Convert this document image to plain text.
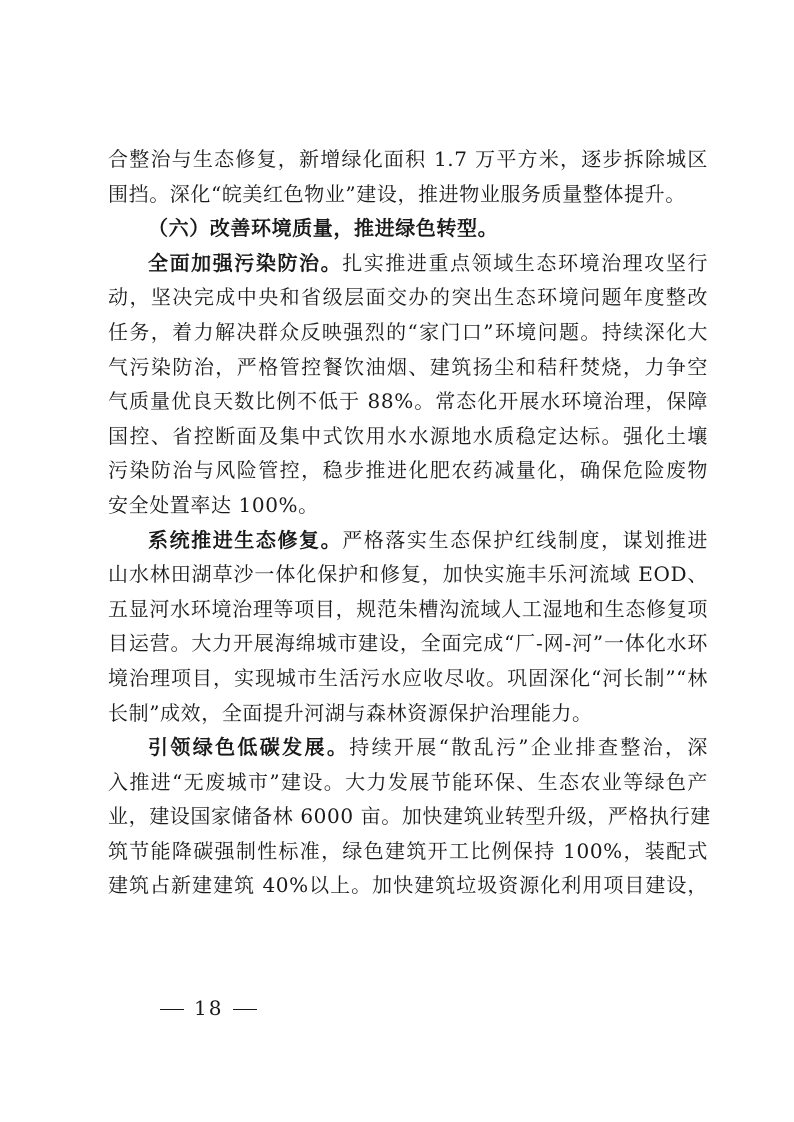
合整治与生态修复，新增绿化面积 1.7 万平方米，逐步拆除城区
围挡。深化“皖美红色物业”建设，推进物业服务质量整体提升。
（六）改善环境质量，推进绿色转型。
全面加强污染防治。扎实推进重点领域生态环境治理攻坚行
动，坚决完成中央和省级层面交办的突出生态环境问题年度整改
任务，着力解决群众反映强烈的“家门口”环境问题。持续深化大
气污染防治，严格管控餐饮油烟、建筑扬尘和秸秆焚烧，力争空
气质量优良天数比例不低于 88%。常态化开展水环境治理，保障
国控、省控断面及集中式饮用水水源地水质稳定达标。强化土壤
污染防治与风险管控，稳步推进化肥农药减量化，确保危险废物
安全处置率达 100%。
系统推进生态修复。严格落实生态保护红线制度，谋划推进
山水林田湖草沙一体化保护和修复，加快实施丰乐河流域 EOD、
五显河水环境治理等项目，规范朱槽沟流域人工湿地和生态修复项
目运营。大力开展海绵城市建设，全面完成“厂-网-河”一体化水环
境治理项目，实现城市生活污水应收尽收。巩固深化“河长制”“林
长制”成效，全面提升河湖与森林资源保护治理能力。
引领绿色低碳发展。持续开展“散乱污”企业排查整治，深
入推进“无废城市”建设。大力发展节能环保、生态农业等绿色产
业，建设国家储备林 6000 亩。加快建筑业转型升级，严格执行建
筑节能降碳强制性标准，绿色建筑开工比例保持 100%，装配式
建筑占新建建筑 40%以上。加快建筑垃圾资源化利用项目建设，
18
